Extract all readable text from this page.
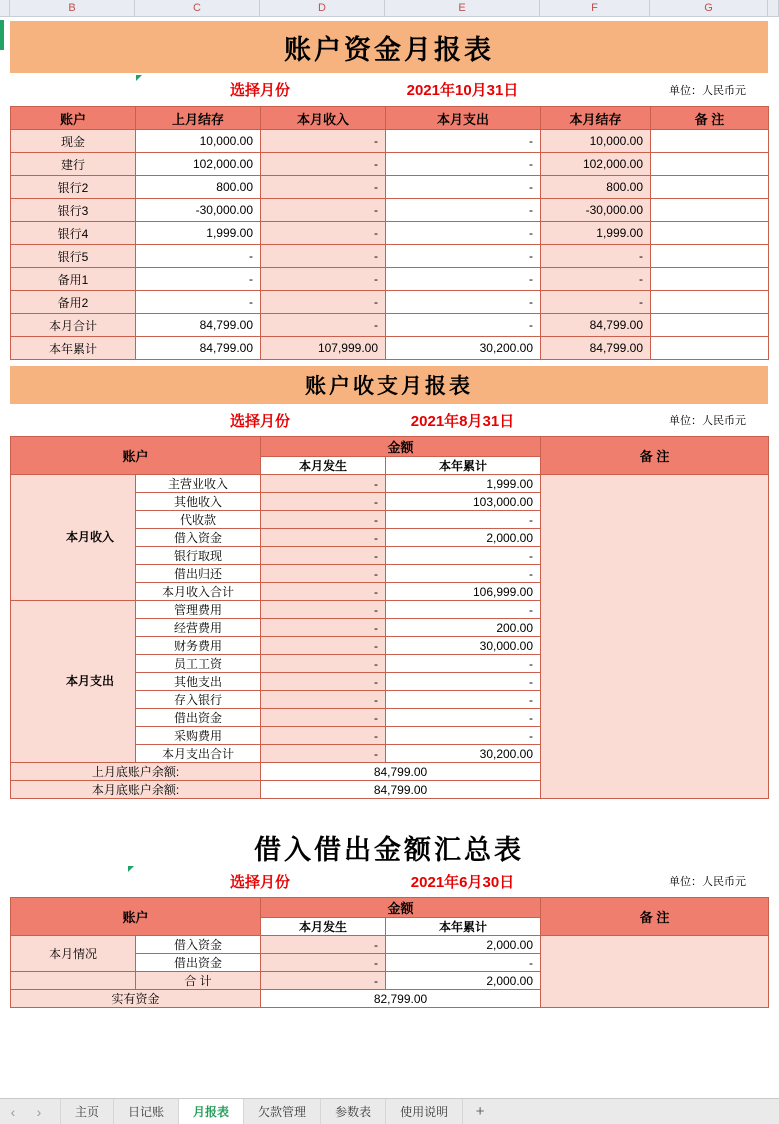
B	C	D	E	F	G
账户资金月报表
选择月份	2021年10月31日	单位：人民币元
账户	上月结存	本月收入	本月支出	本月结存	备 注
现金	10,000.00	-	-	10,000.00	
建行	102,000.00	-	-	102,000.00	
银行2	800.00	-	-	800.00	
银行3	-30,000.00	-	-	-30,000.00	
银行4	1,999.00	-	-	1,999.00	
银行5	-	-	-	-	
备用1	-	-	-	-	
备用2	-	-	-	-	
本月合计	84,799.00	-	-	84,799.00	
本年累计	84,799.00	107,999.00	30,200.00	84,799.00	
账户收支月报表
选择月份	2021年8月31日	单位：人民币元
账户		金额		备 注
		本月发生	本年累计	
本月收入	主营业收入	-	1,999.00	
	其他收入	-	103,000.00	
	代收款	-	-	
	借入资金	-	2,000.00	
	银行取现	-	-	
	借出归还	-	-	
	本月收入合计	-	106,999.00	
本月支出	管理费用	-	-	
	经营费用	-	200.00	
	财务费用	-	30,000.00	
	员工工资	-	-	
	其他支出	-	-	
	存入银行	-	-	
	借出资金	-	-	
	采购费用	-	-	
	本月支出合计	-	30,200.00	
上月底账户余额:		84,799.00		
本月底账户余额:		84,799.00		
借入借出金额汇总表
选择月份	2021年6月30日	单位：人民币元
账户		金额		备 注
		本月发生	本年累计	
本月情况	借入资金	-	2,000.00	
	借出资金	-	-	
	合 计	-	2,000.00	
实有资金		82,799.00		
‹	›	主页	日记账	月报表	欠款管理	参数表	使用说明	+
